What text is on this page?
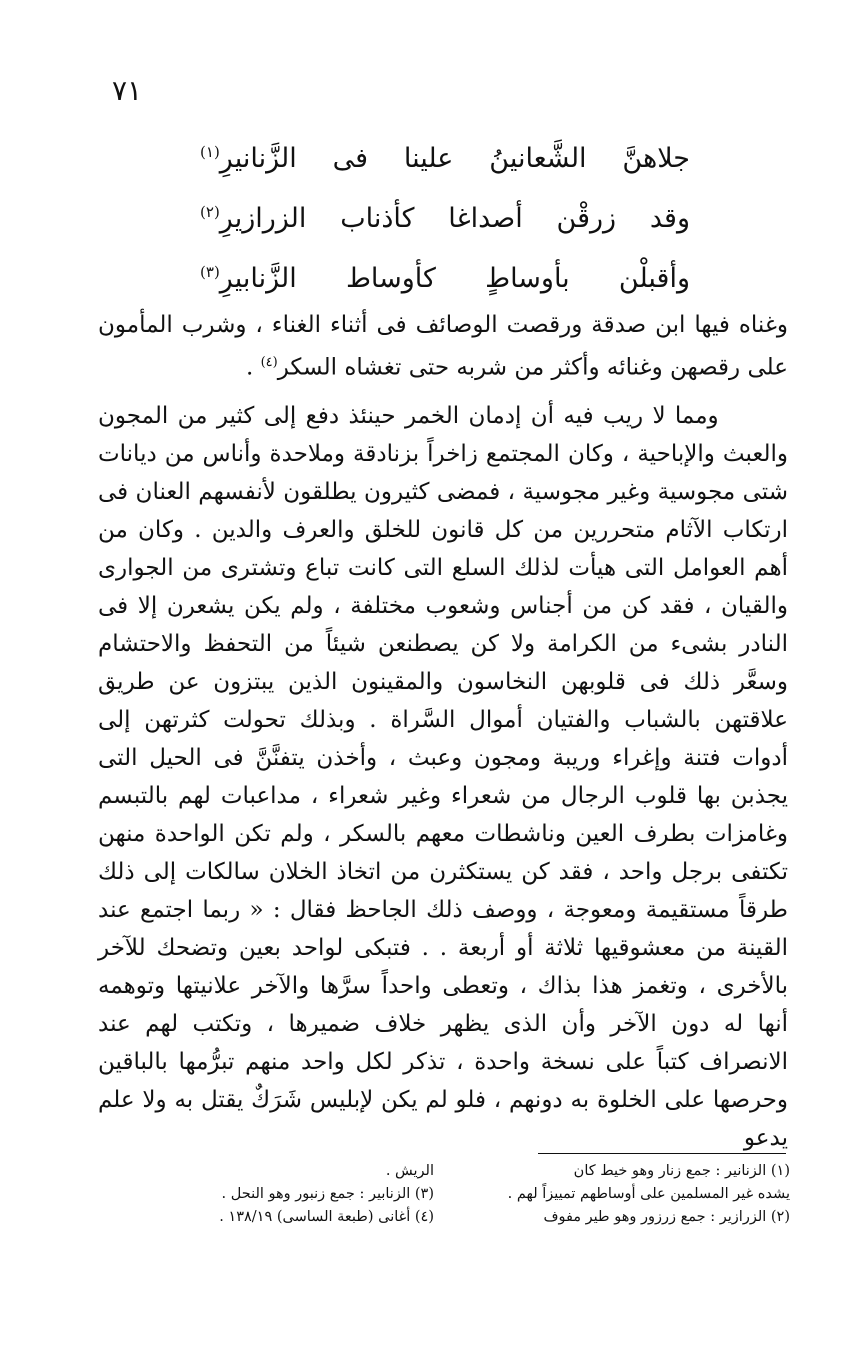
٧١
جلاهنَّ
الشَّعانينُ
علينا
فى
الزَّنانيرِ$^{(١)}$
وقد
زرقْن
أصداغا
كأذناب
الزرازيرِ$^{(٢)}$
وأقبلْن
بأوساطٍ
كأوساط
الزَّنابيرِ$^{(٣)}$

وغناه فيها ابن صدقة ورقصت الوصائف فى أثناء الغناء ، وشرب المأمون على رقصهن وغنائه وأكثر من شربه حتى تغشاه السكر$^{(٤)}$ .

ومما لا ريب فيه أن إدمان الخمر حينئذ دفع إلى كثير من المجون والعبث والإباحية ، وكان المجتمع زاخراً بزنادقة وملاحدة وأناس من ديانات شتى مجوسية وغير مجوسية ، فمضى كثيرون يطلقون لأنفسهم العنان فى ارتكاب الآثام متحررين من كل قانون للخلق والعرف والدين . وكان من أهم العوامل التى هيأت لذلك السلع التى كانت تباع وتشترى من الجوارى والقيان ، فقد كن من أجناس وشعوب مختلفة ، ولم يكن يشعرن إلا فى النادر بشىء من الكرامة ولا كن يصطنعن شيئاً من التحفظ والاحتشام وسعَّر ذلك فى قلوبهن النخاسون والمقينون الذين يبتزون عن طريق علاقتهن بالشباب والفتيان أموال السَّراة . وبذلك تحولت كثرتهن إلى أدوات فتنة وإغراء وريبة ومجون وعبث ، وأخذن يتفنَّنَّ فى الحيل التى يجذبن بها قلوب الرجال من شعراء وغير شعراء ، مداعبات لهم بالتبسم وغامزات بطرف العين وناشطات معهم بالسكر ، ولم تكن الواحدة منهن تكتفى برجل واحد ، فقد كن يستكثرن من اتخاذ الخلان سالكات إلى ذلك طرقاً مستقيمة ومعوجة ، ووصف ذلك الجاحظ فقال : « ربما اجتمع عند القينة من معشوقيها ثلاثة أو أربعة . . فتبكى لواحد بعين وتضحك للآخر بالأخرى ، وتغمز هذا بذاك ، وتعطى واحداً سرَّها والآخر علانيتها وتوهمه أنها له دون الآخر وأن الذى يظهر خلاف ضميرها ، وتكتب لهم عند الانصراف كتباً على نسخة واحدة ، تذكر لكل واحد منهم تبرُّمها بالباقين وحرصها على الخلوة به دونهم ، فلو لم يكن لإبليس شَرَكٌ يقتل به ولا علم يدعو

(١) الزنانير : جمع زنار وهو خيط كان
يشده غير المسلمين على أوساطهم تمييزاً لهم .
(٢) الزرازير : جمع زرزور وهو طير مفوف
الريش .
(٣) الزنابير : جمع زنبور وهو النحل .
(٤) أغانى (طبعة الساسى) ١٣٨/١٩ .
